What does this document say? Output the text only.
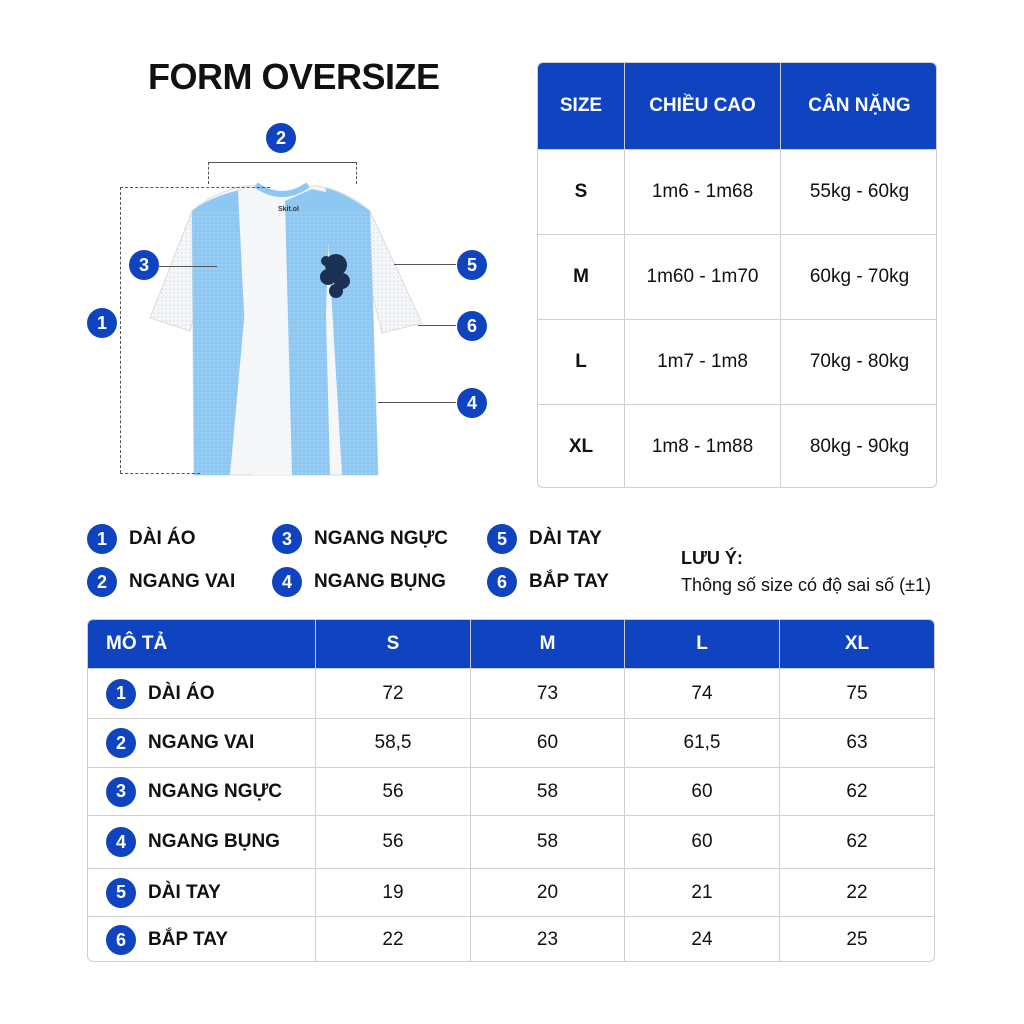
FORM OVERSIZE
Skit.ol
2
3
1
5
6
4
SIZE	CHIỀU CAO	CÂN NẶNG
S	1m6 - 1m68	55kg - 60kg
M	1m60 - 1m70	60kg - 70kg
L	1m7 - 1m8	70kg - 80kg
XL	1m8 - 1m88	80kg - 90kg
1	DÀI ÁO
2	NGANG VAI
3	NGANG NGỰC
4	NGANG BỤNG
5	DÀI TAY
6	BẮP TAY
LƯU Ý:
Thông số size có độ sai số (±1)
MÔ TẢ	S	M	L	XL
1	DÀI ÁO	72	73	74	75
2	NGANG VAI	58,5	60	61,5	63
3	NGANG NGỰC	56	58	60	62
4	NGANG BỤNG	56	58	60	62
5	DÀI TAY	19	20	21	22
6	BẮP TAY	22	23	24	25
